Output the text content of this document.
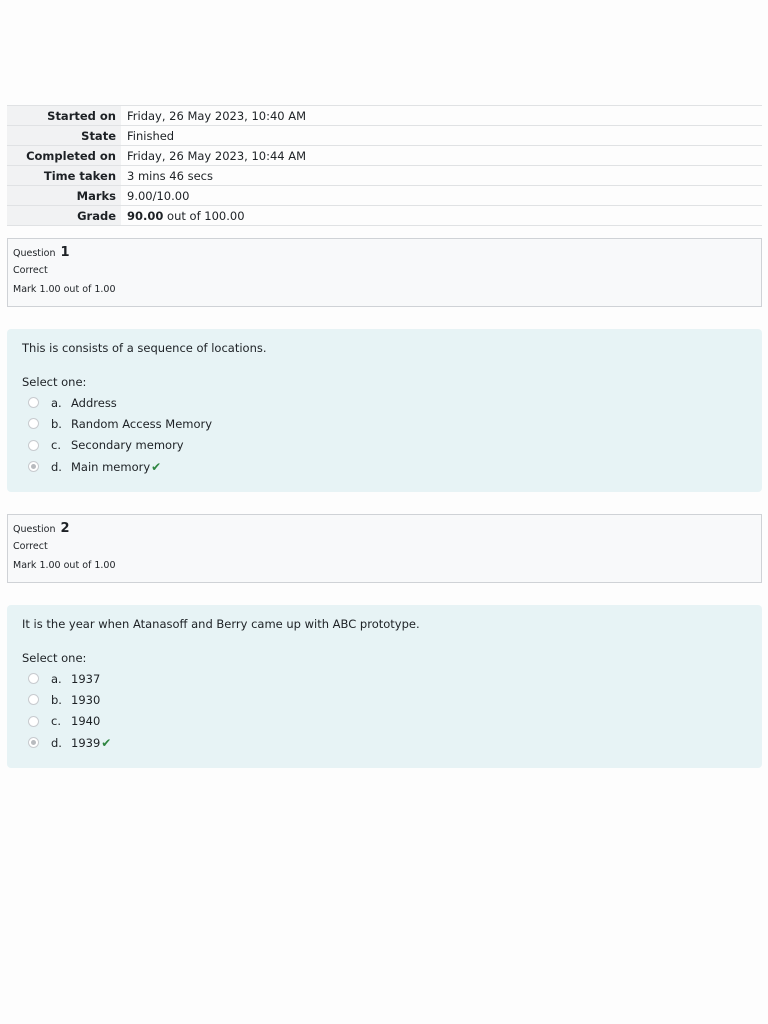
Started on	Friday, 26 May 2023, 10:40 AM
State	Finished
Completed on	Friday, 26 May 2023, 10:44 AM
Time taken	3 mins 46 secs
Marks	9.00/10.00
Grade	90.00 out of 100.00
Question 1
Correct
Mark 1.00 out of 1.00
This is consists of a sequence of locations.
Select one:
a. Address
b. Random Access Memory
c. Secondary memory
d. Main memory ✔
Question 2
Correct
Mark 1.00 out of 1.00
It is the year when Atanasoff and Berry came up with ABC prototype.
Select one:
a. 1937
b. 1930
c. 1940
d. 1939 ✔
